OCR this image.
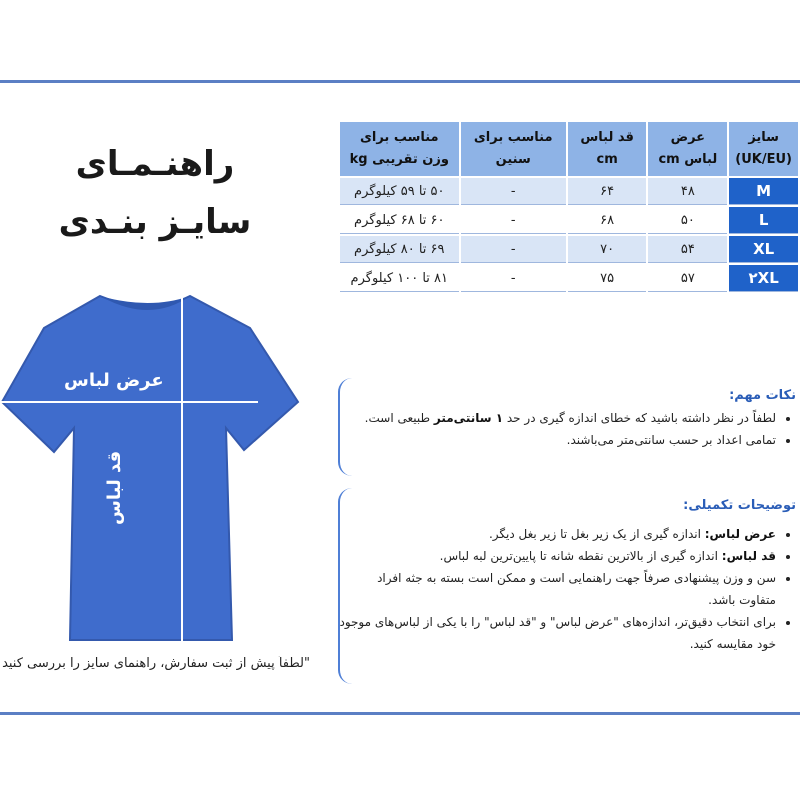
راهنـمـای
سایـز بنـدی
سایز (UK/EU)	عرض لباس cm	قد لباس cm	مناسب برای سنین	مناسب برای وزن تقریبی kg
M	۴۸	۶۴	-	۵۰ تا ۵۹ کیلوگرم
L	۵۰	۶۸	-	۶۰ تا ۶۸ کیلوگرم
XL	۵۴	۷۰	-	۶۹ تا ۸۰ کیلوگرم
۲XL	۵۷	۷۵	-	۸۱ تا ۱۰۰ کیلوگرم
عرض لباس
قد لباس
نکات مهم:
• لطفاً در نظر داشته باشید که خطای اندازه گیری در حد ۱ سانتی‌متر طبیعی است.
• تمامی اعداد بر حسب سانتی‌متر می‌باشند.
توضیحات تکمیلی:
• عرض لباس: اندازه گیری از یک زیر بغل تا زیر بغل دیگر.
• قد لباس: اندازه گیری از بالاترین نقطه شانه تا پایین‌ترین لبه لباس.
• سن و وزن پیشنهادی صرفاً جهت راهنمایی است و ممکن است بسته به جثه افراد متفاوت باشد.
• برای انتخاب دقیق‌تر، اندازه‌های "عرض لباس" و "قد لباس" را با یکی از لباس‌های موجود خود مقایسه کنید.
"لطفاً پیش از ثبت سفارش، راهنمای سایز را بررسی کنید
